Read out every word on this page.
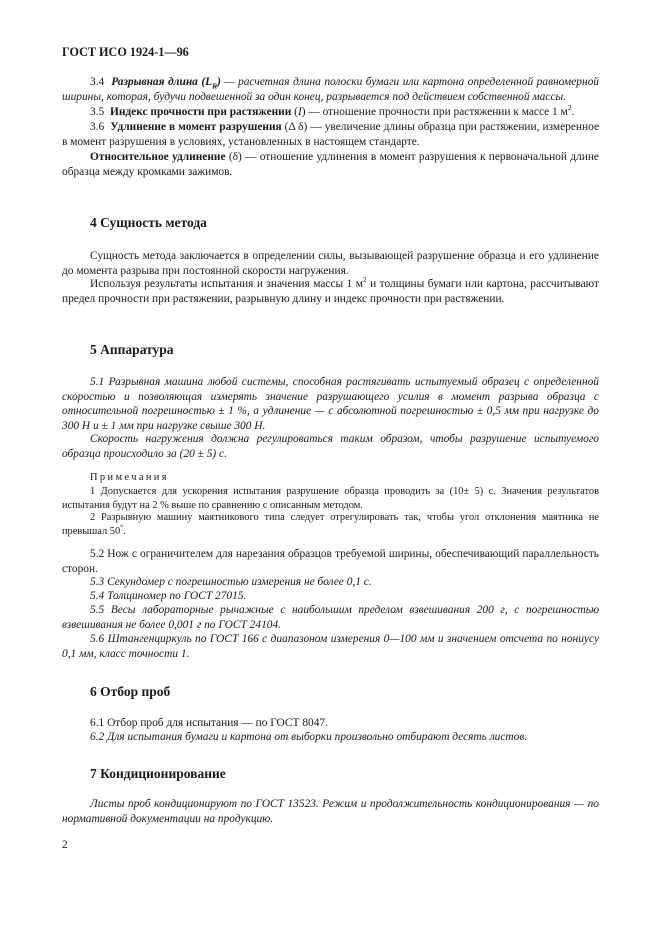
ГОСТ ИСО 1924-1—96

3.4 Разрывная длина $(L_R)$ — расчетная длина полоски бумаги или картона определенной равномерной ширины, которая, будучи подвешенной за один конец, разрывается под действием собственной массы.

3.5 Индекс прочности при растяжении (I) — отношение прочности при растяжении к массе 1 $м^2$.

3.6 Удлинение в момент разрушения (Δ δ) — увеличение длины образца при растяжении, измеренное в момент разрушения в условиях, установленных в настоящем стандарте.

Относительное удлинение (δ) — отношение удлинения в момент разрушения к первоначальной длине образца между кромками зажимов.

4 Сущность метода

Сущность метода заключается в определении силы, вызывающей разрушение образца и его удлинение до момента разрыва при постоянной скорости нагружения.

Используя результаты испытания и значения массы 1 $м^2$ и толщины бумаги или картона, рассчитывают предел прочности при растяжении, разрывную длину и индекс прочности при растяжении.

5 Аппаратура

5.1 Разрывная машина любой системы, способная растягивать испытуемый образец с определенной скоростью и позволяющая измерять значение разрушающего усилия в момент разрыва образца с относительной погрешностью ± 1 %, а удлинение — с абсолютной погрешностью ± 0,5 мм при нагрузке до 300 Н и ± 1 мм при нагрузке свыше 300 Н.

Скорость нагружения должна регулироваться таким образом, чтобы разрушение испытуемого образца происходило за (20 ± 5) с.

Примечания

1 Допускается для ускорения испытания разрушение образца проводить за (10± 5) с. Значения результатов испытания будут на 2 % выше по сравнению с описанным методом.

2 Разрывную машину маятникового типа следует отрегулировать так, чтобы угол отклонения маятника не превышал 50°.

5.2 Нож с ограничителем для нарезания образцов требуемой ширины, обеспечивающий параллельность сторон.

5.3 Секундомер с погрешностью измерения не более 0,1 с.

5.4 Толщиномер по ГОСТ 27015.

5.5 Весы лабораторные рычажные с наибольшим пределом взвешивания 200 г, с погрешностью взвешивания не более 0,001 г по ГОСТ 24104.

5.6 Штангенциркуль по ГОСТ 166 с диапазоном измерения 0—100 мм и значением отсчета по нониусу 0,1 мм, класс точности 1.

6 Отбор проб

6.1 Отбор проб для испытания — по ГОСТ 8047.

6.2 Для испытания бумаги и картона от выборки произвольно отбирают десять листов.

7 Кондиционирование

Листы проб кондиционируют по ГОСТ 13523. Режим и продолжительность кондиционирования — по нормативной документации на продукцию.

2
